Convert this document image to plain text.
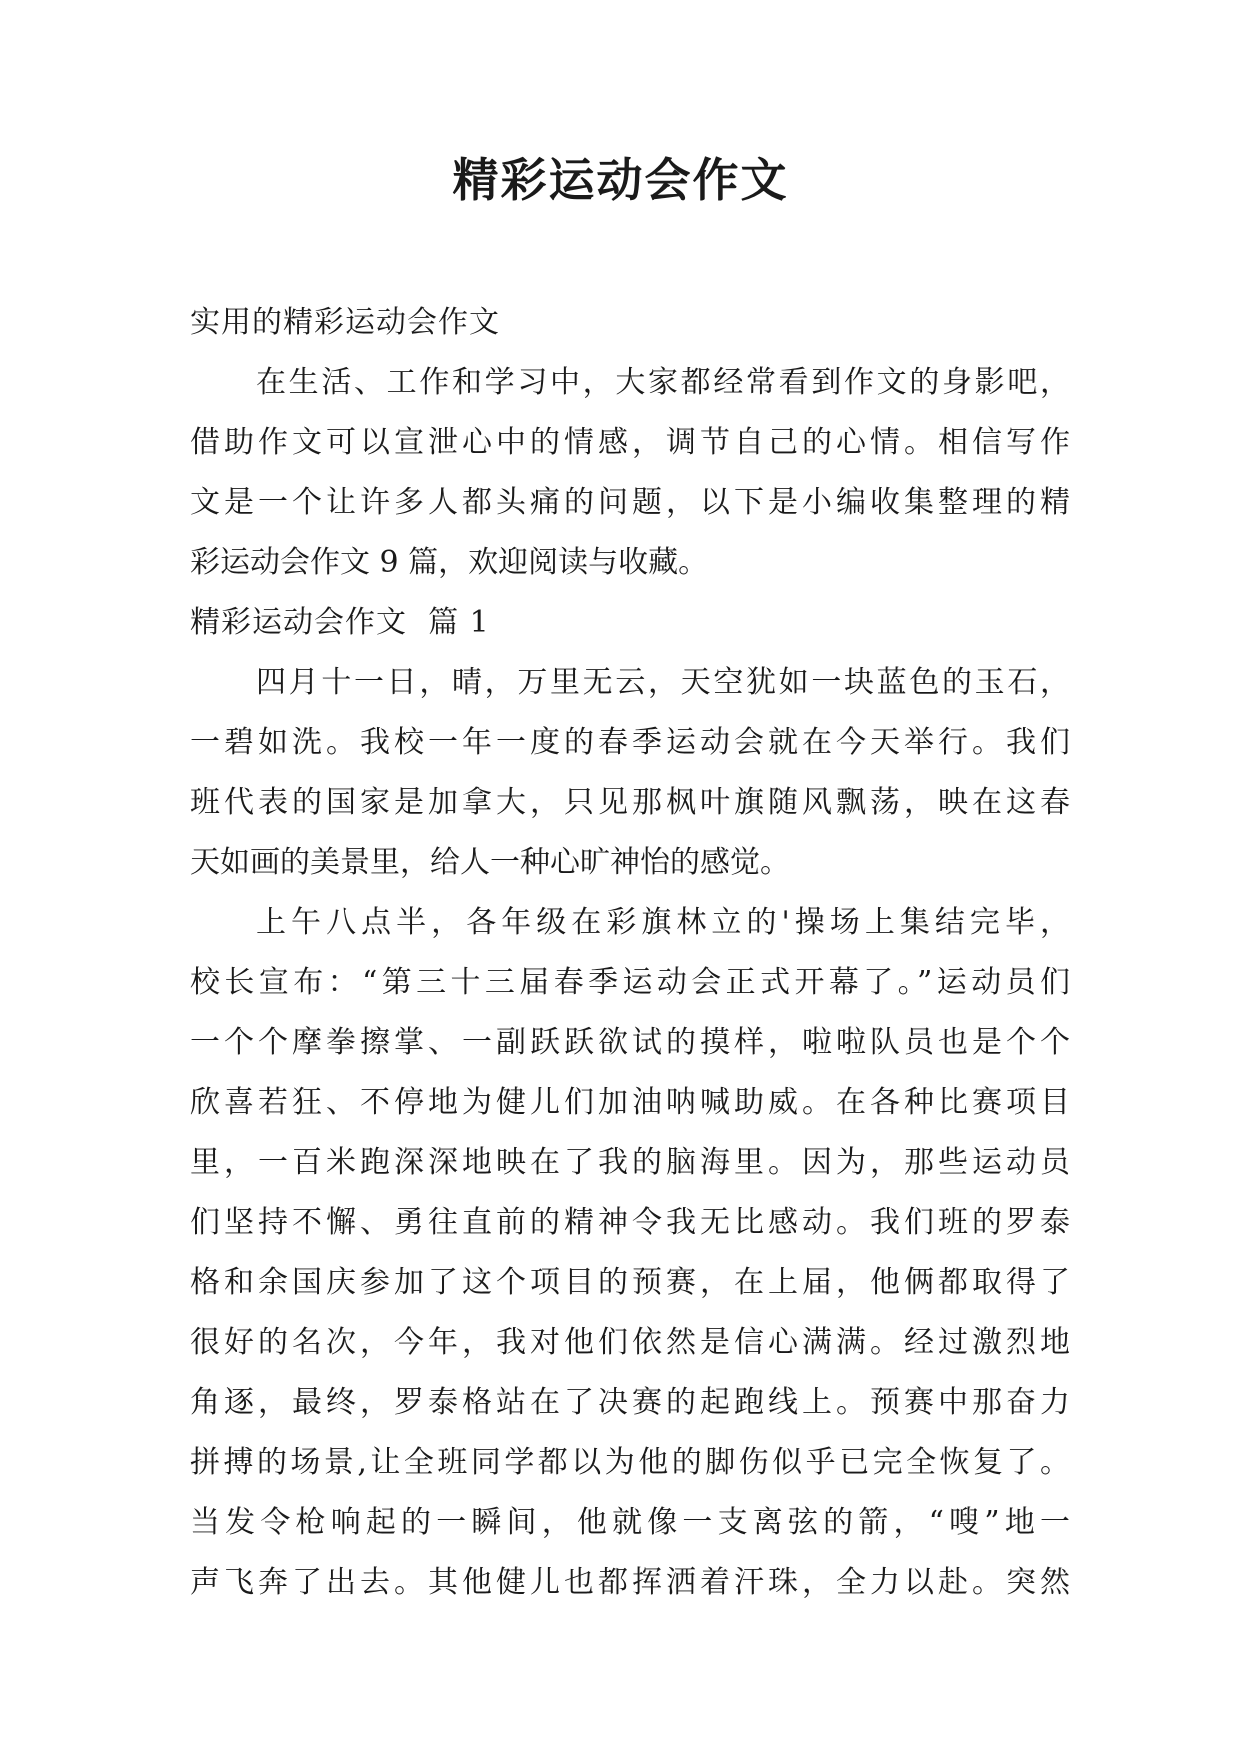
精彩运动会作文
实用的精彩运动会作文
在生活、工作和学习中，大家都经常看到作文的身影吧，
借助作文可以宣泄心中的情感，调节自己的心情。相信写作
文是一个让许多人都头痛的问题，以下是小编收集整理的精
彩运动会作文 9 篇，欢迎阅读与收藏。
精彩运动会作文  篇 1
四月十一日，晴，万里无云，天空犹如一块蓝色的玉石，
一碧如洗。我校一年一度的春季运动会就在今天举行。我们
班代表的国家是加拿大，只见那枫叶旗随风飘荡，映在这春
天如画的美景里，给人一种心旷神怡的感觉。
上午八点半，各年级在彩旗林立的'操场上集结完毕，
校长宣布：“第三十三届春季运动会正式开幕了。”运动员们
一个个摩拳擦掌、一副跃跃欲试的摸样，啦啦队员也是个个
欣喜若狂、不停地为健儿们加油呐喊助威。在各种比赛项目
里，一百米跑深深地映在了我的脑海里。因为，那些运动员
们坚持不懈、勇往直前的精神令我无比感动。我们班的罗泰
格和余国庆参加了这个项目的预赛，在上届，他俩都取得了
很好的名次，今年，我对他们依然是信心满满。经过激烈地
角逐，最终，罗泰格站在了决赛的起跑线上。预赛中那奋力
拼搏的场景,让全班同学都以为他的脚伤似乎已完全恢复了。
当发令枪响起的一瞬间，他就像一支离弦的箭，“嗖”地一
声飞奔了出去。其他健儿也都挥洒着汗珠，全力以赴。突然
